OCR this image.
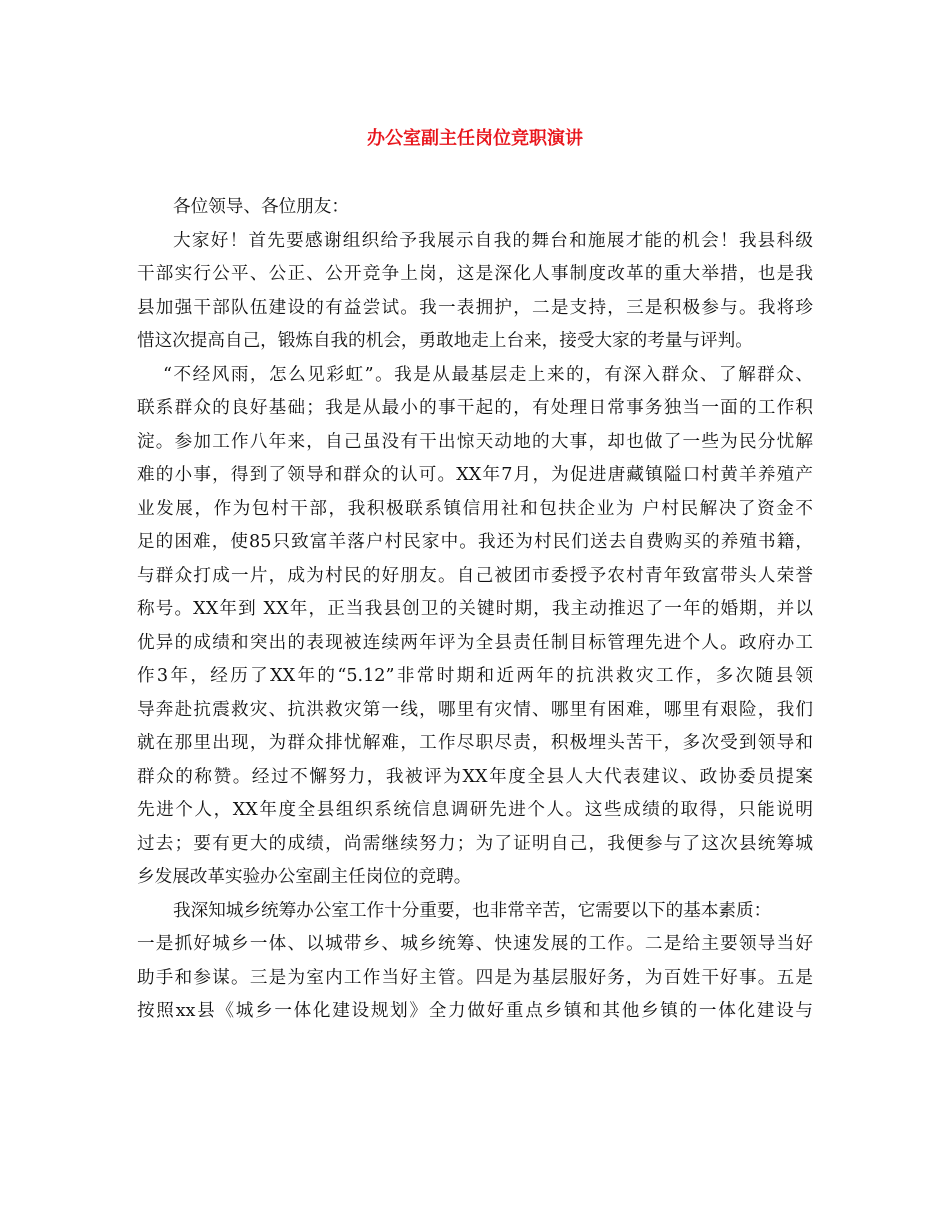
办公室副主任岗位竞职演讲
各位领导、各位朋友：
大家好！首先要感谢组织给予我展示自我的舞台和施展才能的机会！我县科级
干部实行公平、公正、公开竞争上岗，这是深化人事制度改革的重大举措，也是我
县加强干部队伍建设的有益尝试。我一表拥护，二是支持，三是积极参与。我将珍
惜这次提高自己，锻炼自我的机会，勇敢地走上台来，接受大家的考量与评判。
“不经风雨，怎么见彩虹”。我是从最基层走上来的，有深入群众、了解群众、
联系群众的良好基础；我是从最小的事干起的，有处理日常事务独当一面的工作积
淀。参加工作八年来，自己虽没有干出惊天动地的大事，却也做了一些为民分忧解
难的小事，得到了领导和群众的认可。XX年7月，为促进唐藏镇隘口村黄羊养殖产
业发展，作为包村干部，我积极联系镇信用社和包扶企业为 户村民解决了资金不
足的困难，使85只致富羊落户村民家中。我还为村民们送去自费购买的养殖书籍，
与群众打成一片，成为村民的好朋友。自己被团市委授予农村青年致富带头人荣誉
称号。XX年到 XX年，正当我县创卫的关键时期，我主动推迟了一年的婚期，并以
优异的成绩和突出的表现被连续两年评为全县责任制目标管理先进个人。政府办工
作3年，经历了XX年的“5.12”非常时期和近两年的抗洪救灾工作，多次随县领
导奔赴抗震救灾、抗洪救灾第一线，哪里有灾情、哪里有困难，哪里有艰险，我们
就在那里出现，为群众排忧解难，工作尽职尽责，积极埋头苦干，多次受到领导和
群众的称赞。经过不懈努力，我被评为XX年度全县人大代表建议、政协委员提案
先进个人，XX年度全县组织系统信息调研先进个人。这些成绩的取得，只能说明
过去；要有更大的成绩，尚需继续努力；为了证明自己，我便参与了这次县统筹城
乡发展改革实验办公室副主任岗位的竞聘。
我深知城乡统筹办公室工作十分重要，也非常辛苦，它需要以下的基本素质：
一是抓好城乡一体、以城带乡、城乡统筹、快速发展的工作。二是给主要领导当好
助手和参谋。三是为室内工作当好主管。四是为基层服好务，为百姓干好事。五是
按照xx县《城乡一体化建设规划》全力做好重点乡镇和其他乡镇的一体化建设与
